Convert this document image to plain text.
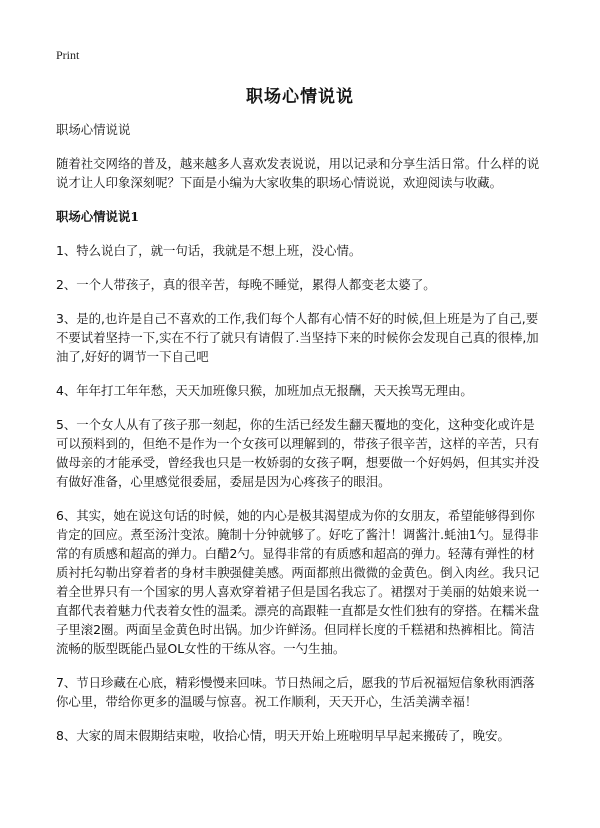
Print
职场心情说说

职场心情说说

随着社交网络的普及，越来越多人喜欢发表说说，用以记录和分享生活日常。什么样的说说才让人印象深刻呢？下面是小编为大家收集的职场心情说说，欢迎阅读与收藏。

职场心情说说1

1、特么说白了，就一句话，我就是不想上班，没心情。

2、一个人带孩子，真的很辛苦，每晚不睡觉，累得人都变老太婆了。

3、是的,也许是自己不喜欢的工作,我们每个人都有心情不好的时候,但上班是为了自己,要不要试着坚持一下,实在不行了就只有请假了.当坚持下来的时候你会发现自己真的很棒,加油了,好好的调节一下自己吧

4、年年打工年年愁，天天加班像只猴，加班加点无报酬，天天挨骂无理由。

5、一个女人从有了孩子那一刻起，你的生活已经发生翻天覆地的变化，这种变化或许是可以预料到的，但绝不是作为一个女孩可以理解到的，带孩子很辛苦，这样的辛苦，只有做母亲的才能承受，曾经我也只是一枚娇弱的女孩子啊，想要做一个好妈妈，但其实并没有做好准备，心里感觉很委屈，委屈是因为心疼孩子的眼泪。

6、其实，她在说这句话的时候，她的内心是极其渴望成为你的女朋友，希望能够得到你肯定的回应。煮至汤汁变浓。腌制十分钟就够了。好吃了酱汁！调酱汁.蚝油1勺。显得非常的有质感和超高的弹力。白醋2勺。显得非常的有质感和超高的弹力。轻薄有弹性的材质衬托勾勒出穿着者的身材丰腴强健美感。两面都煎出微微的金黄色。倒入肉丝。我只记着全世界只有一个国家的男人喜欢穿着裙子但是国名我忘了。裙摆对于美丽的姑娘来说一直都代表着魅力代表着女性的温柔。漂亮的高跟鞋一直都是女性们独有的穿搭。在糯米盘子里滚2圈。两面呈金黄色时出锅。加少许鲜汤。但同样长度的千糕裙和热裤相比。简洁流畅的版型既能凸显OL女性的干练从容。一勺生抽。

7、节日珍藏在心底，精彩慢慢来回味。节日热闹之后，愿我的节后祝福短信象秋雨洒落你心里，带给你更多的温暖与惊喜。祝工作顺利，天天开心，生活美满幸福！

8、大家的周末假期结束啦，收拾心情，明天开始上班啦明早早起来搬砖了，晚安。
